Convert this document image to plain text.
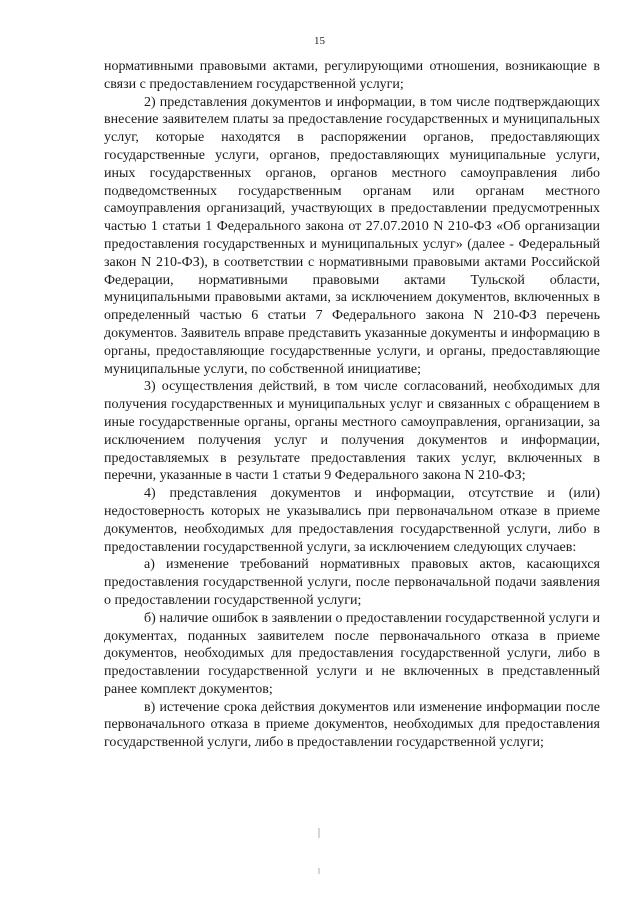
15

нормативными правовыми актами, регулирующими отношения, возникающие в связи с предоставлением государственной услуги;

2) представления документов и информации, в том числе подтверждающих внесение заявителем платы за предоставление государственных и муниципальных услуг, которые находятся в распоряжении органов, предоставляющих государственные услуги, органов, предоставляющих муниципальные услуги, иных государственных органов, органов местного самоуправления либо подведомственных государственным органам или органам местного самоуправления организаций, участвующих в предоставлении предусмотренных частью 1 статьи 1 Федерального закона от 27.07.2010 N 210-ФЗ «Об организации предоставления государственных и муниципальных услуг» (далее - Федеральный закон N 210-ФЗ), в соответствии с нормативными правовыми актами Российской Федерации, нормативными правовыми актами Тульской области, муниципальными правовыми актами, за исключением документов, включенных в определенный частью 6 статьи 7 Федерального закона N 210-ФЗ перечень документов. Заявитель вправе представить указанные документы и информацию в органы, предоставляющие государственные услуги, и органы, предоставляющие муниципальные услуги, по собственной инициативе;

3) осуществления действий, в том числе согласований, необходимых для получения государственных и муниципальных услуг и связанных с обращением в иные государственные органы, органы местного самоуправления, организации, за исключением получения услуг и получения документов и информации, предоставляемых в результате предоставления таких услуг, включенных в перечни, указанные в части 1 статьи 9 Федерального закона N 210-ФЗ;

4) представления документов и информации, отсутствие и (или) недостоверность которых не указывались при первоначальном отказе в приеме документов, необходимых для предоставления государственной услуги, либо в предоставлении государственной услуги, за исключением следующих случаев:

а) изменение требований нормативных правовых актов, касающихся предоставления государственной услуги, после первоначальной подачи заявления о предоставлении государственной услуги;

б) наличие ошибок в заявлении о предоставлении государственной услуги и документах, поданных заявителем после первоначального отказа в приеме документов, необходимых для предоставления государственной услуги, либо в предоставлении государственной услуги и не включенных в представленный ранее комплект документов;

в) истечение срока действия документов или изменение информации после первоначального отказа в приеме документов, необходимых для предоставления государственной услуги, либо в предоставлении государственной услуги;
